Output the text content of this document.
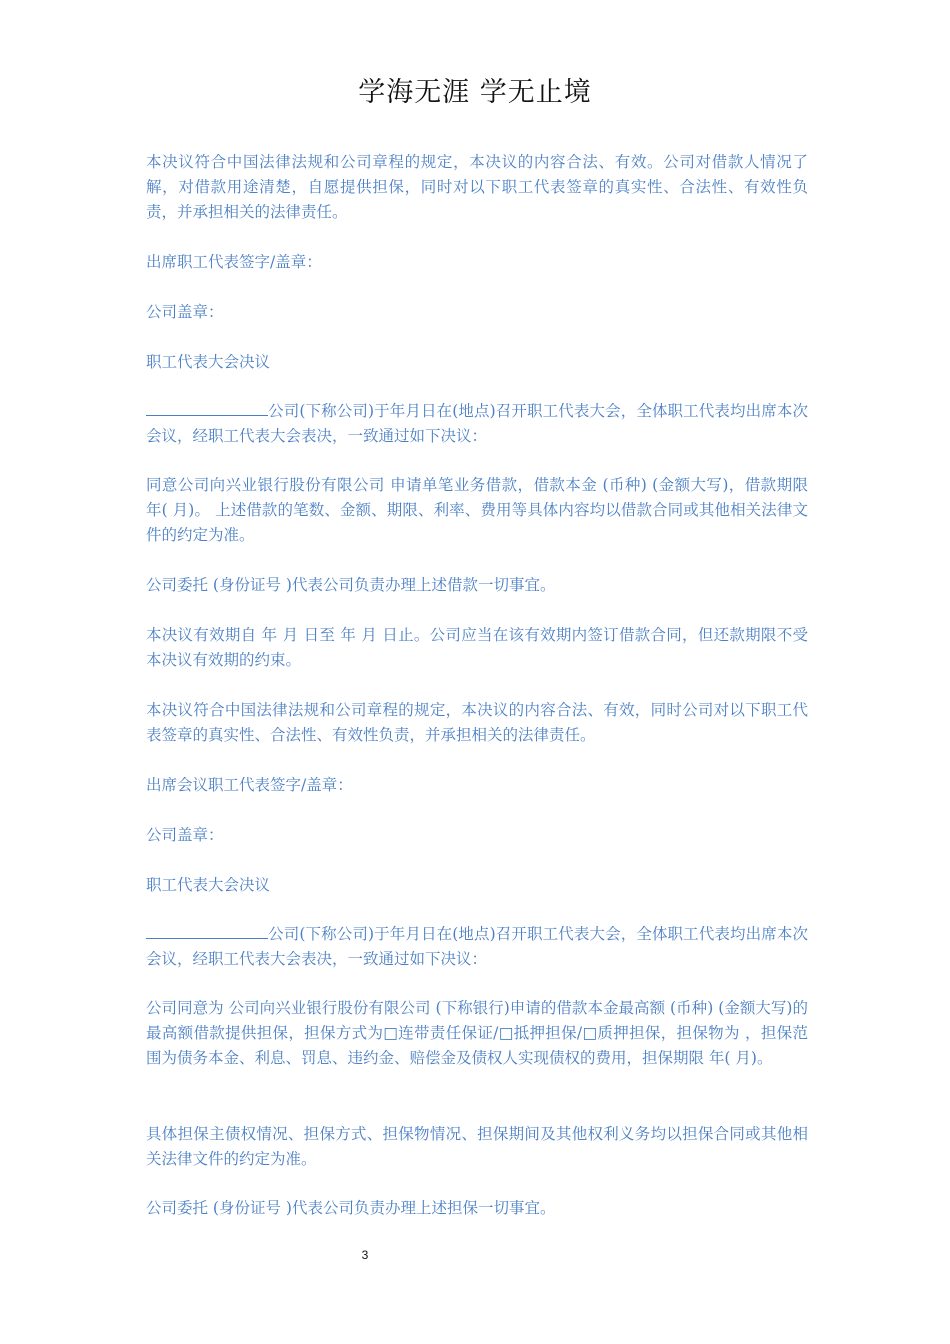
学海无涯 学无止境

本决议符合中国法律法规和公司章程的规定，本决议的内容合法、有效。公司对借款人情况了解，对借款用途清楚，自愿提供担保，同时对以下职工代表签章的真实性、合法性、有效性负责，并承担相关的法律责任。

出席职工代表签字/盖章：

公司盖章：

职工代表大会决议

公司(下称公司)于年月日在(地点)召开职工代表大会，全体职工代表均出席本次会议，经职工代表大会表决，一致通过如下决议：

同意公司向兴业银行股份有限公司 申请单笔业务借款，借款本金 (币种) (金额大写)，借款期限 年( 月)。 上述借款的笔数、金额、期限、利率、费用等具体内容均以借款合同或其他相关法律文件的约定为准。

公司委托 (身份证号 )代表公司负责办理上述借款一切事宜。

本决议有效期自 年 月 日至 年 月 日止。公司应当在该有效期内签订借款合同，但还款期限不受本决议有效期的约束。

本决议符合中国法律法规和公司章程的规定，本决议的内容合法、有效，同时公司对以下职工代表签章的真实性、合法性、有效性负责，并承担相关的法律责任。

出席会议职工代表签字/盖章：

公司盖章：

职工代表大会决议

公司(下称公司)于年月日在(地点)召开职工代表大会，全体职工代表均出席本次会议，经职工代表大会表决，一致通过如下决议：

公司同意为 公司向兴业银行股份有限公司 (下称银行)申请的借款本金最高额 (币种) (金额大写)的最高额借款提供担保，担保方式为□连带责任保证/□抵押担保/□质押担保，担保物为 ，担保范围为债务本金、利息、罚息、违约金、赔偿金及债权人实现债权的费用，担保期限 年( 月)。

具体担保主债权情况、担保方式、担保物情况、担保期间及其他权利义务均以担保合同或其他相关法律文件的约定为准。

公司委托 (身份证号 )代表公司负责办理上述担保一切事宜。

3
